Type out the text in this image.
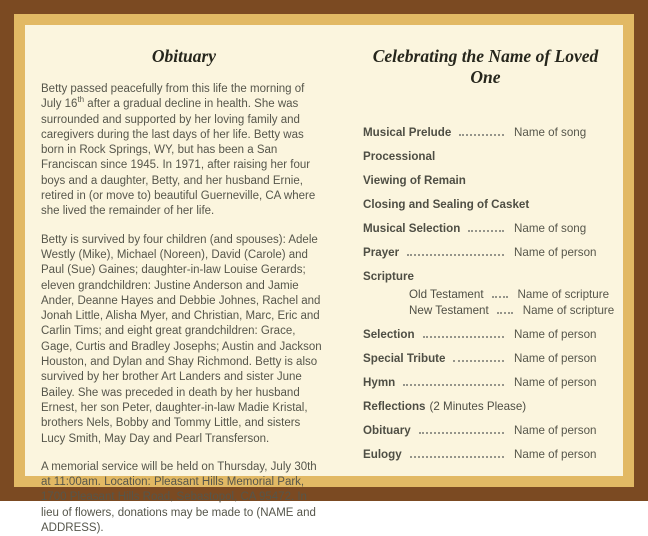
Obituary

Betty passed peacefully from this life the morning of July 16th after a gradual decline in health. She was surrounded and supported by her loving family and caregivers during the last days of her life. Betty was born in Rock Springs, WY, but has been a San Franciscan since 1945. In 1971, after raising her four boys and a daughter, Betty, and her husband Ernie, retired in (or move to) beautiful Guerneville, CA where she lived the remainder of her life.

Betty is survived by four children (and spouses): Adele Westly (Mike), Michael (Noreen), David (Carole) and Paul (Sue) Gaines; daughter-in-law Louise Gerards; eleven grandchildren: Justine Anderson and Jamie Ander, Deanne Hayes and Debbie Johnes, Rachel and Jonah Little, Alisha Myer, and Christian, Marc, Eric and Carlin Tims; and eight great grandchildren: Grace, Gage, Curtis and Bradley Josephs; Austin and Jackson Houston, and Dylan and Shay Richmond. Betty is also survived by her brother Art Landers and sister June Bailey. She was preceded in death by her husband Ernest, her son Peter, daughter-in-law Madie Kristal, brothers Nels, Bobby and Tommy Little, and sisters Lucy Smith, May Day and Pearl Transferson.

A memorial service will be held on Thursday, July 30th at 11:00am. Location: Pleasant Hills Memorial Park, 1700 Pleasant Hills Road, Sebastopol, CA 95472. In lieu of flowers, donations may be made to (NAME and ADDRESS).

Celebrating the Name of Loved One
Musical Prelude	Name of song
Processional
Viewing of Remain
Closing and Sealing of Casket
Musical Selection	Name of song
Prayer	Name of person
Scripture
Old Testament	Name of scripture
New Testament	Name of scripture
Selection	Name of person
Special Tribute	Name of person
Hymn	Name of person
Reflections (2 Minutes Please)
Obituary	Name of person
Eulogy	Name of person
